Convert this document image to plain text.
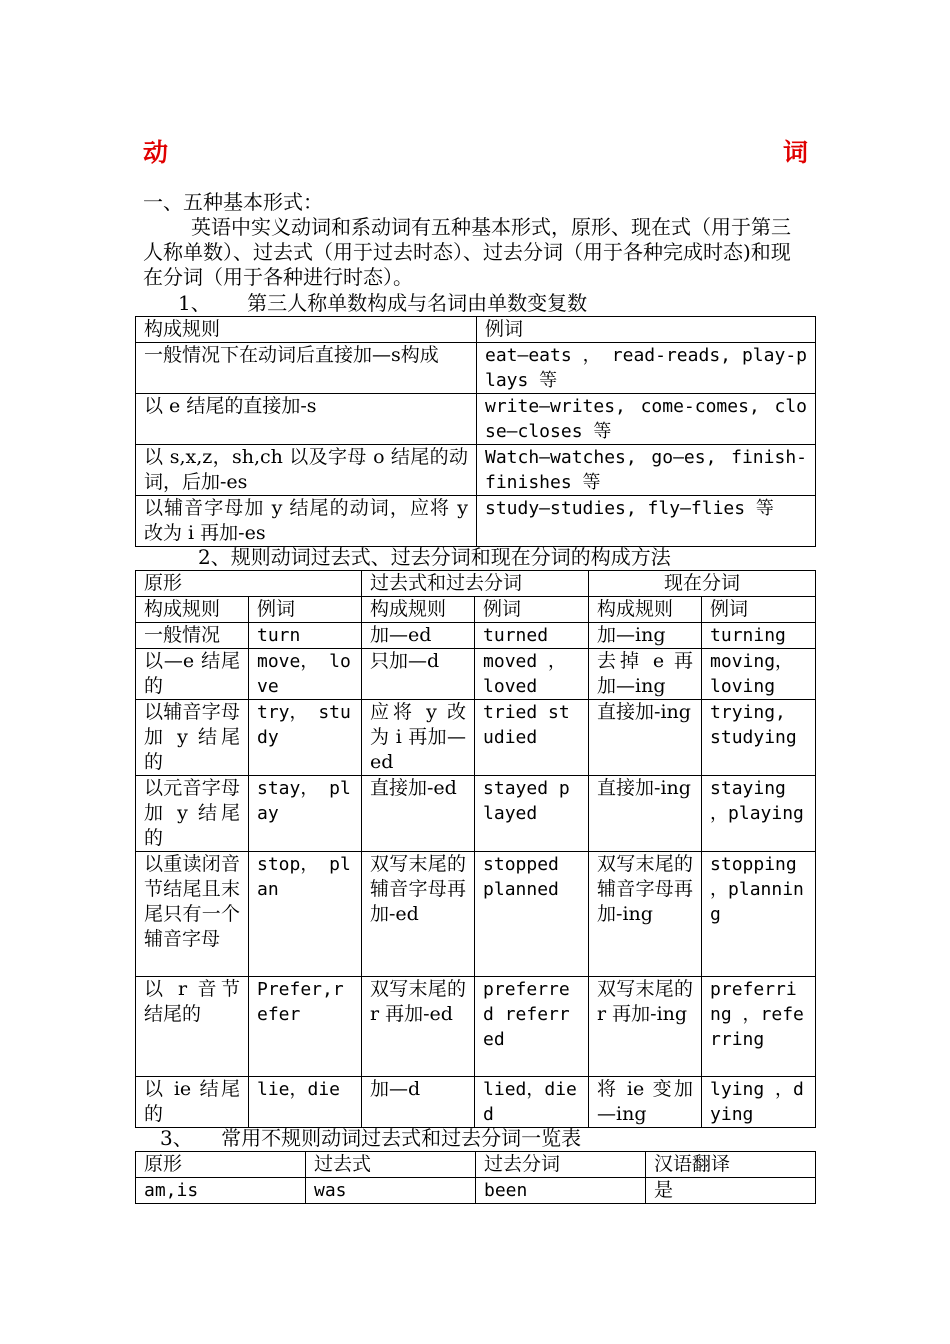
动	词
一、五种基本形式：
英语中实义动词和系动词有五种基本形式，原形、现在式（用于第三人称单数）、过去式（用于过去时态）、过去分词（用于各种完成时态)和现在分词（用于各种进行时态）。
1、 第三人称单数构成与名词由单数变复数
构成规则	例词
一般情况下在动词后直接加—s构成	eat—eats ， read-reads, play-plays 等
以 e 结尾的直接加-s	write—writes, come-comes, close—closes 等
以 s,x,z，sh,ch 以及字母 o 结尾的动词，后加-es	Watch—watches, go—es, finish-finishes 等
以辅音字母加 y 结尾的动词，应将 y 改为 i 再加-es	study—studies, fly—flies 等
2、规则动词过去式、过去分词和现在分词的构成方法
原形		过去式和过去分词		现在分词	
构成规则	例词	构成规则	例词	构成规则	例词
一般情况	turn	加—ed	turned	加—ing	turning
以—e 结尾的	move， love	只加—d	moved ， loved	去掉 e 再加—ing	moving， loving
以辅音字母加 y 结尾的	try， study	应将 y 改为 i 再加—ed	tried studied	直接加-ing	trying, studying
以元音字母加 y 结尾的	stay， play	直接加-ed	stayed played	直接加-ing	staying ，playing
以重读闭音节结尾且末尾只有一个辅音字母	stop， plan	双写末尾的辅音字母再加-ed	stopped planned	双写末尾的辅音字母再加-ing	stopping ，planning
以 r 音节结尾的	Prefer,refer	双写末尾的 r 再加-ed	preferred referred	双写末尾的 r 再加-ing	preferring ，referring
以 ie 结尾的	lie，die	加—d	lied，died	将 ie 变加—ing	lying ，dying
3、 常用不规则动词过去式和过去分词一览表
原形	过去式	过去分词	汉语翻译
am,is	was	been	是
